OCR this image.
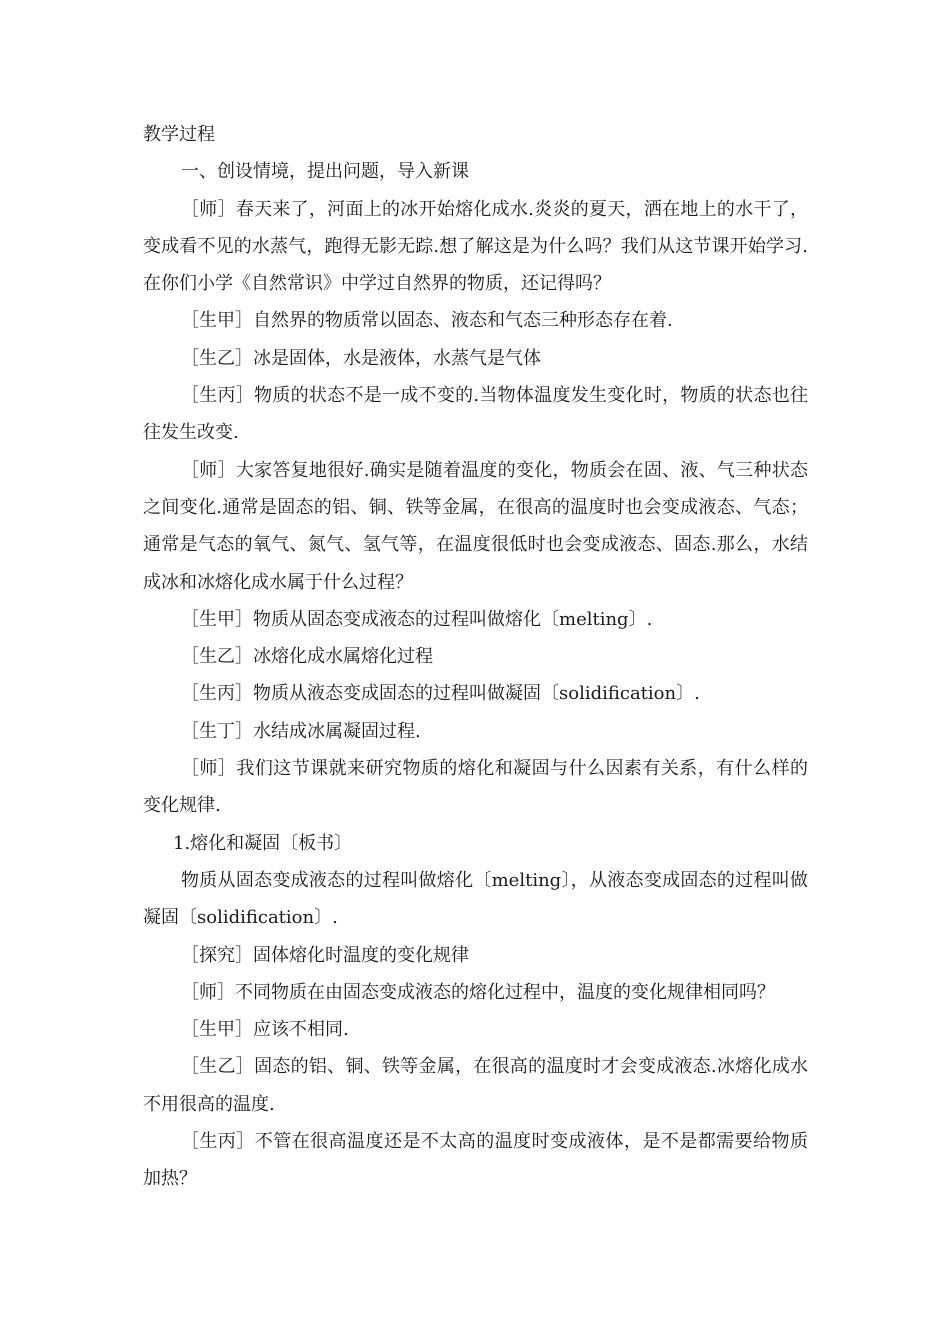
教学过程

一、创设情境，提出问题，导入新课

［师］春天来了，河面上的冰开始熔化成水.炎炎的夏天，洒在地上的水干了，变成看不见的水蒸气，跑得无影无踪.想了解这是为什么吗？我们从这节课开始学习.在你们小学《自然常识》中学过自然界的物质，还记得吗？

［生甲］自然界的物质常以固态、液态和气态三种形态存在着.

［生乙］冰是固体，水是液体，水蒸气是气体

［生丙］物质的状态不是一成不变的.当物体温度发生变化时，物质的状态也往往发生改变.

［师］大家答复地很好.确实是随着温度的变化，物质会在固、液、气三种状态之间变化.通常是固态的铝、铜、铁等金属，在很高的温度时也会变成液态、气态；通常是气态的氧气、氮气、氢气等，在温度很低时也会变成液态、固态.那么，水结成冰和冰熔化成水属于什么过程？

［生甲］物质从固态变成液态的过程叫做熔化〔melting〕.

［生乙］冰熔化成水属熔化过程

［生丙］物质从液态变成固态的过程叫做凝固〔solidification〕.

［生丁］水结成冰属凝固过程.

［师］我们这节课就来研究物质的熔化和凝固与什么因素有关系，有什么样的变化规律.

1.熔化和凝固〔板书〕

物质从固态变成液态的过程叫做熔化〔melting〕，从液态变成固态的过程叫做凝固〔solidification〕.

［探究］固体熔化时温度的变化规律

［师］不同物质在由固态变成液态的熔化过程中，温度的变化规律相同吗？

［生甲］应该不相同.

［生乙］固态的铝、铜、铁等金属，在很高的温度时才会变成液态.冰熔化成水不用很高的温度.

［生丙］不管在很高温度还是不太高的温度时变成液体，是不是都需要给物质加热？
